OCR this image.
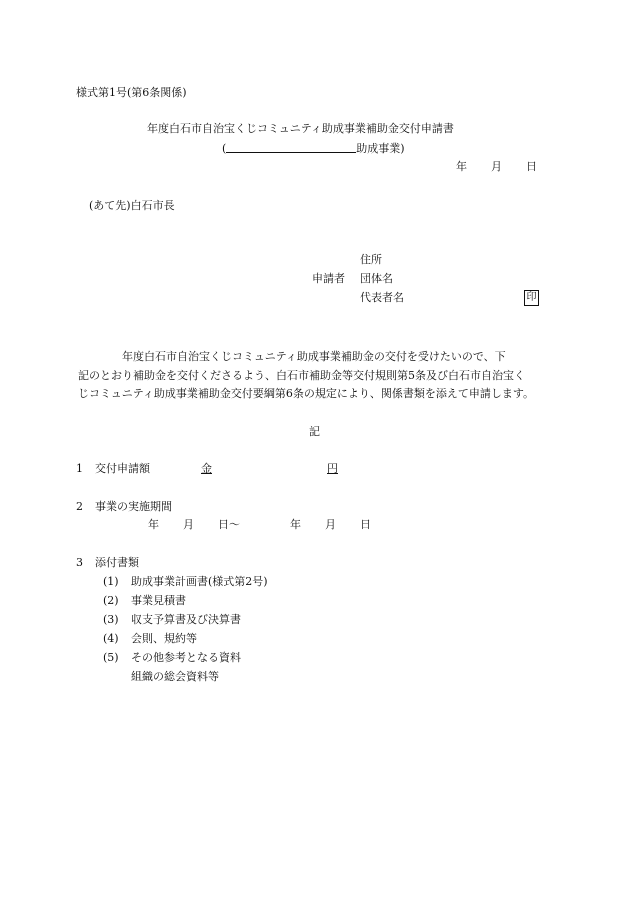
様式第1号(第6条関係)
年度白石市自治宝くじコミュニティ助成事業補助金交付申請書
(	助成事業)
年 月 日
(あて先)白石市長
住所
申請者 団体名
代表者名	印
年度白石市自治宝くじコミュニティ助成事業補助金の交付を受けたいので、下
記のとおり補助金を交付くださるよう、白石市補助金等交付規則第5条及び白石市自治宝く
じコミュニティ助成事業補助金交付要綱第6条の規定により、関係書類を添えて申請します。
記
1 交付申請額	金	円
2 事業の実施期間
年 月 日〜	年 月 日
3 添付書類
(1) 助成事業計画書(様式第2号)
(2) 事業見積書
(3) 収支予算書及び決算書
(4) 会則、規約等
(5) その他参考となる資料
組織の総会資料等
